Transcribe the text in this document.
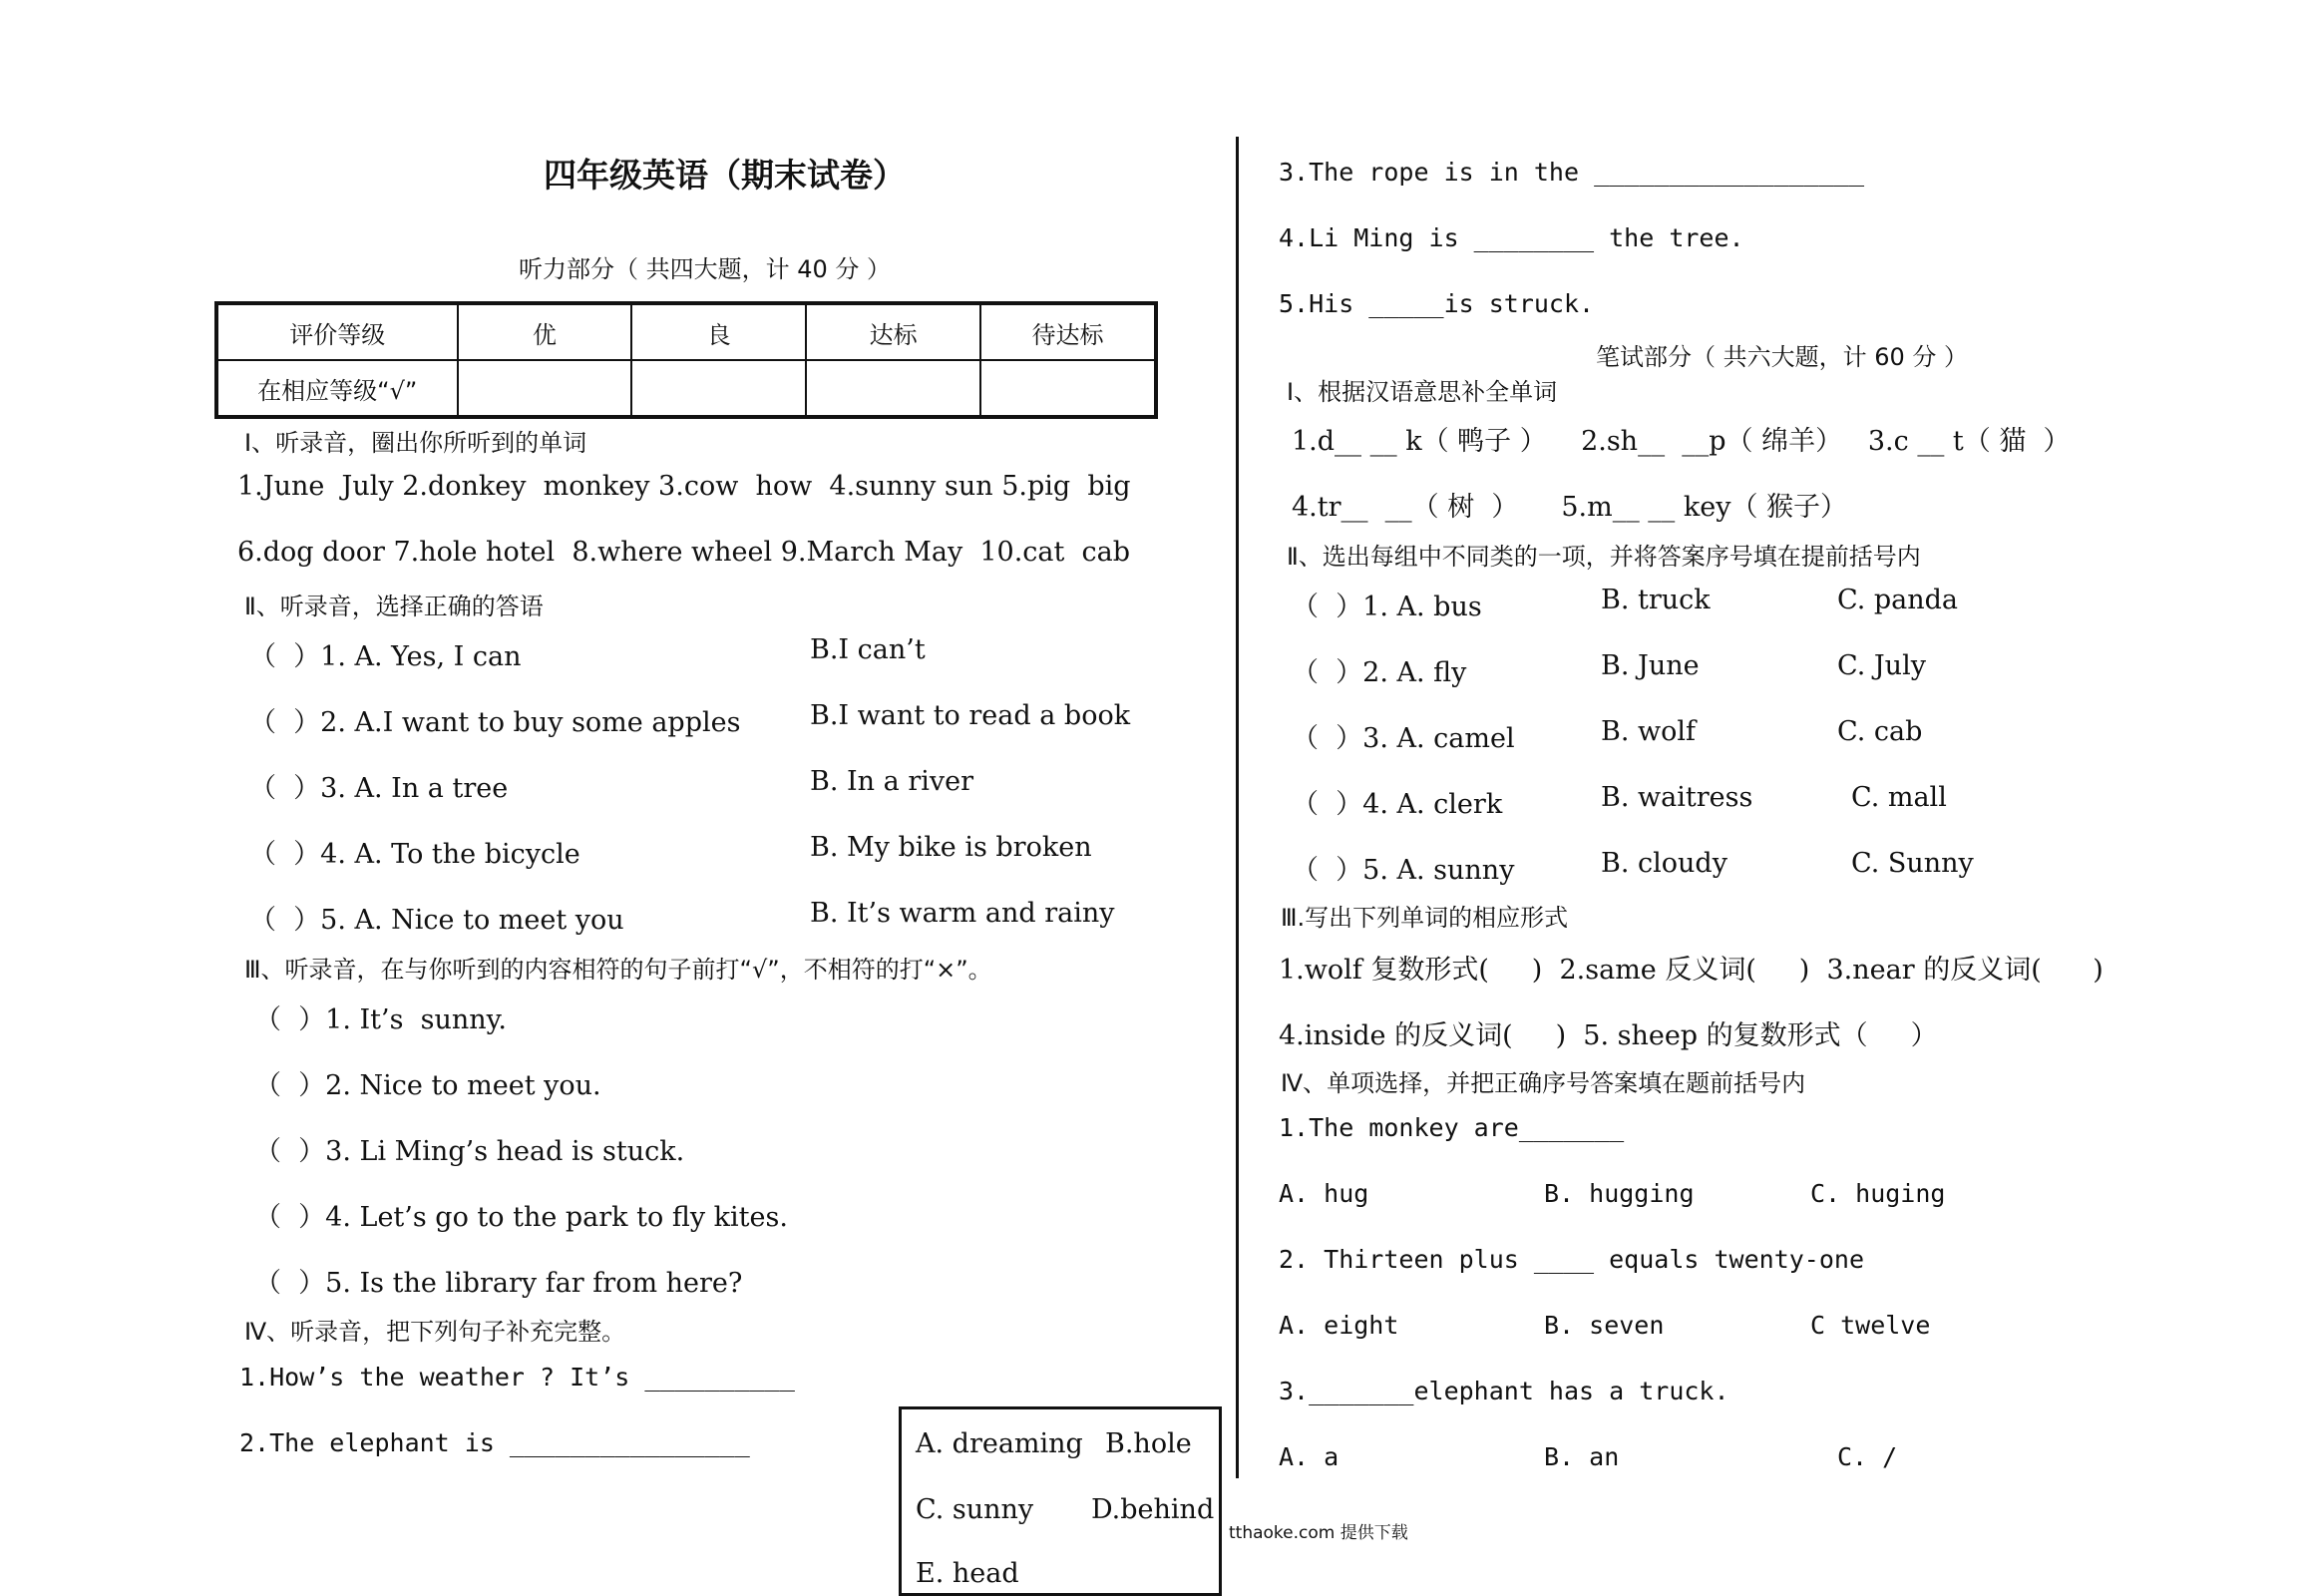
四年级英语（期末试卷）
听力部分（ 共四大题，计 40 分 ）
评价等级	优	良	达标	待达标
在相应等级“√”				
Ⅰ、听录音，圈出你所听到的单词
1.June  July 2.donkey  monkey 3.cow  how  4.sunny sun 5.pig  big
6.dog door 7.hole hotel  8.where wheel 9.March May  10.cat  cab
Ⅱ、听录音，选择正确的答语
（  ）1. A. Yes, I can	B.I can’t
（  ）2. A.I want to buy some apples	B.I want to read a book
（  ）3. A. In a tree	B. In a river
（  ）4. A. To the bicycle	B. My bike is broken
（  ）5. A. Nice to meet you	B. It’s warm and rainy
Ⅲ、听录音，在与你听到的内容相符的句子前打“√”，不相符的打“×”。
（  ）1. It’s  sunny.
（  ）2. Nice to meet you.
（  ）3. Li Ming’s head is stuck.
（  ）4. Let’s go to the park to fly kites.
（  ）5. Is the library far from here?
Ⅳ、听录音，把下列句子补充完整。
1.How’s the weather ? It’s __________
2.The elephant is ________________	A. dreaming B.hole
C. sunny D.behind
E. head
tthaoke.com 提供下载
3.The rope is in the __________________
4.Li Ming is ________ the tree.
5.His _____is struck.
笔试部分（ 共六大题，计 60 分 ）
Ⅰ、根据汉语意思补全单词
1.d__ __ k（ 鸭子 ）    2.sh__  __p（ 绵羊）   3.c __ t（ 猫  ）
4.tr__  __（ 树  ）     5.m__ __ key（ 猴子）
Ⅱ、选出每组中不同类的一项，并将答案序号填在提前括号内
（  ）1. A. bus	B. truck	C. panda
（  ）2. A. fly	B. June	C. July
（  ）3. A. camel	B. wolf	C. cab
（  ）4. A. clerk	B. waitress	C. mall
（  ）5. A. sunny	B. cloudy	C. Sunny
Ⅲ.写出下列单词的相应形式
1.wolf 复数形式(     )  2.same 反义词(     )  3.near 的反义词(      )
4.inside 的反义词(     )  5. sheep 的复数形式（     ）
Ⅳ、单项选择，并把正确序号答案填在题前括号内
1.The monkey are_______
A. hug	B. hugging	C. huging
2. Thirteen plus ____ equals twenty-one
A. eight	B. seven	C twelve
3._______elephant has a truck.
A. a	B. an	C. /
